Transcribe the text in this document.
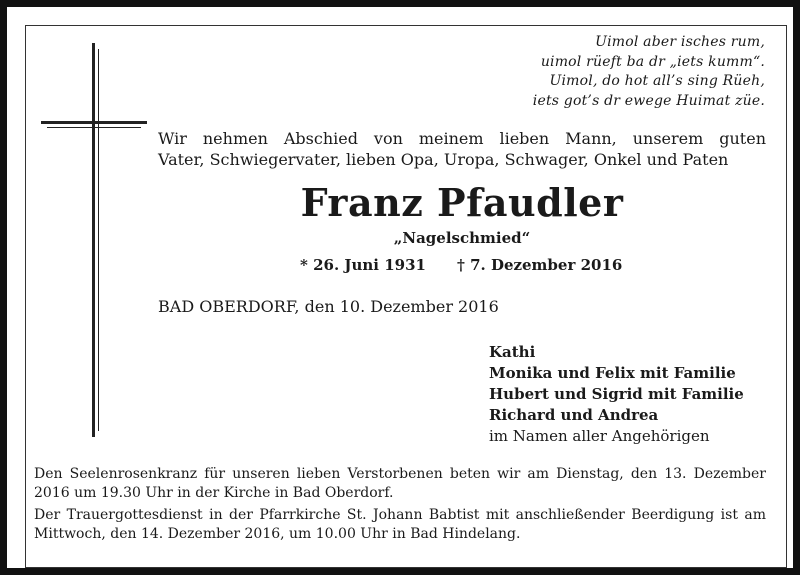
Uimol aber isches rum,
uimol rüeft ba dr „iets kumm“.
Uimol, do hot all’s sing Rüeh,
iets got’s dr ewege Huimat züe.
Wir nehmen Abschied von meinem lieben Mann, unserem guten
Vater, Schwiegervater, lieben Opa, Uropa, Schwager, Onkel und Paten
Franz Pfaudler
„Nagelschmied“
* 26. Juni 1931 † 7. Dezember 2016
BAD OBERDORF, den 10. Dezember 2016
Kathi
Monika und Felix mit Familie
Hubert und Sigrid mit Familie
Richard und Andrea
im Namen aller Angehörigen

Den Seelenrosenkranz für unseren lieben Verstorbenen beten wir am Dienstag, den 13. Dezember 2016 um 19.30 Uhr in der Kirche in Bad Oberdorf.

Der Trauergottesdienst in der Pfarrkirche St. Johann Babtist mit anschließender Beerdigung ist am Mittwoch, den 14. Dezember 2016, um 10.00 Uhr in Bad Hindelang.
